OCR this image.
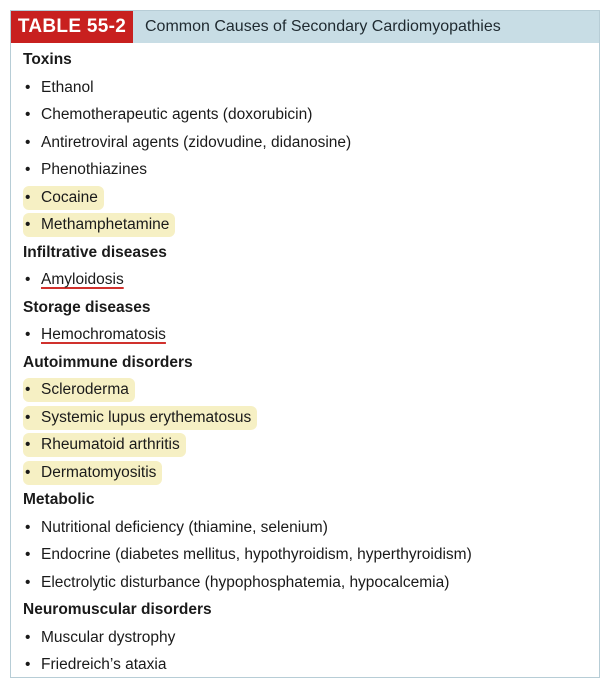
TABLE 55-2	Common Causes of Secondary Cardiomyopathies
Toxins
• Ethanol
• Chemotherapeutic agents (doxorubicin)
• Antiretroviral agents (zidovudine, didanosine)
• Phenothiazines
• Cocaine
• Methamphetamine
Infiltrative diseases
• Amyloidosis
Storage diseases
• Hemochromatosis
Autoimmune disorders
• Scleroderma
• Systemic lupus erythematosus
• Rheumatoid arthritis
• Dermatomyositis
Metabolic
• Nutritional deficiency (thiamine, selenium)
• Endocrine (diabetes mellitus, hypothyroidism, hyperthyroidism)
• Electrolytic disturbance (hypophosphatemia, hypocalcemia)
Neuromuscular disorders
• Muscular dystrophy
• Friedreich’s ataxia
